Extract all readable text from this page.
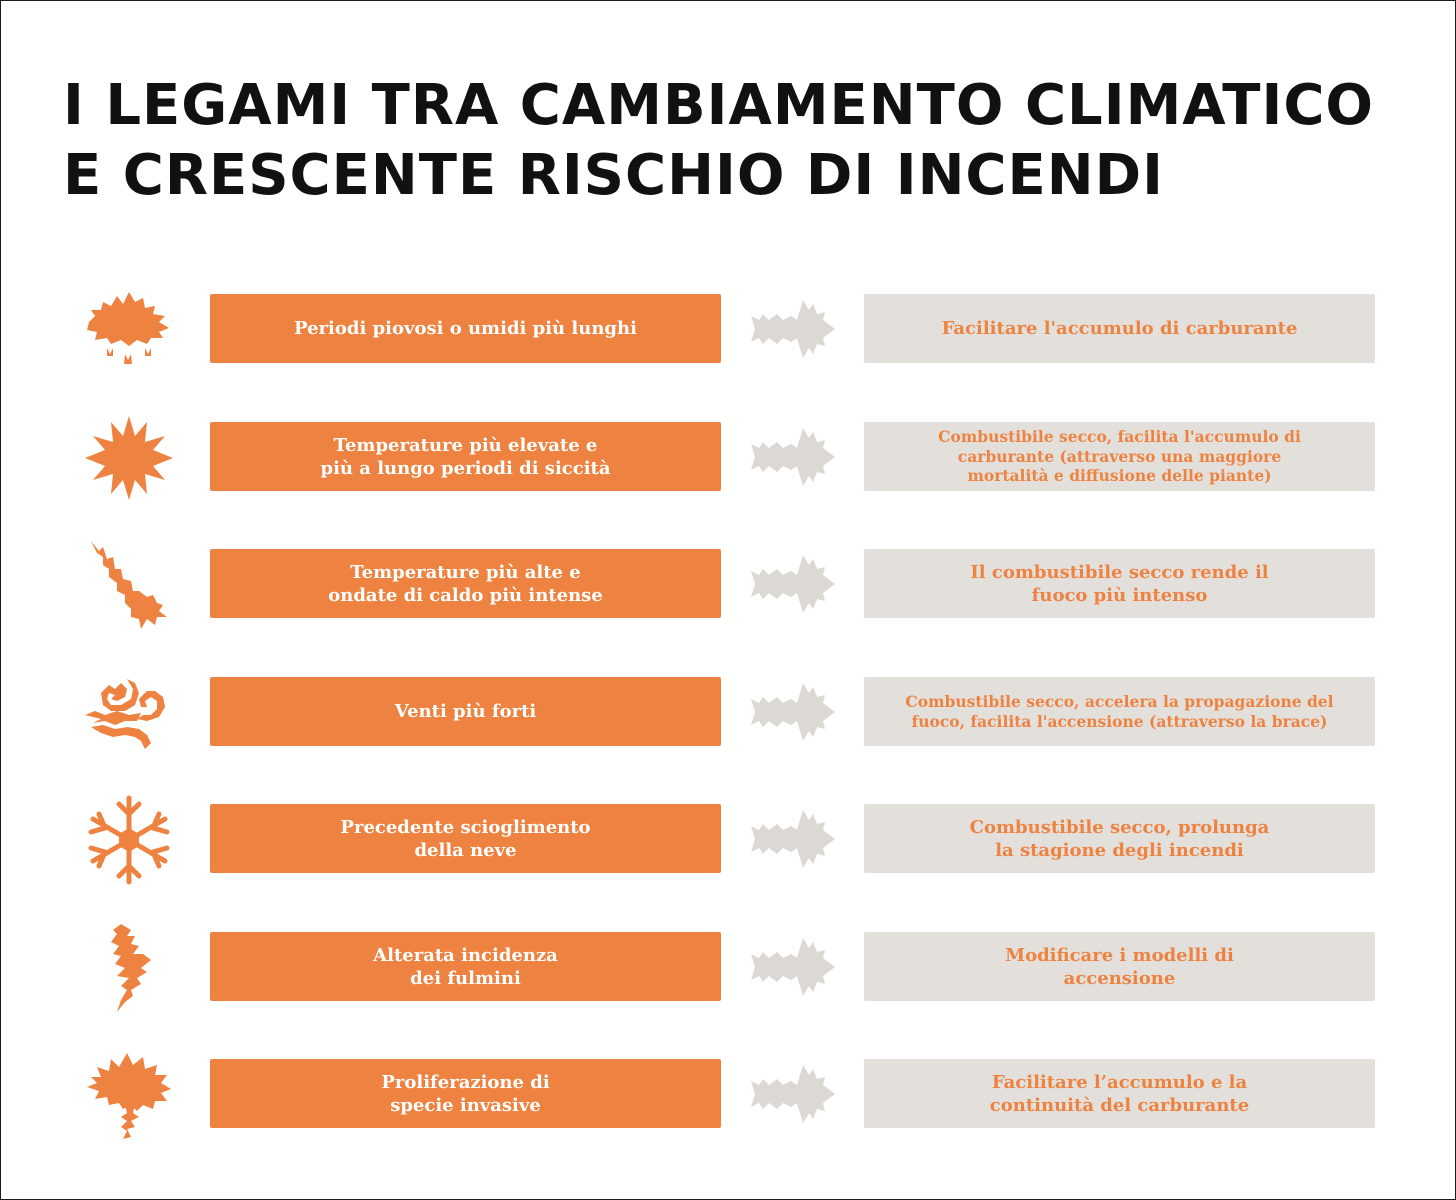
I LEGAMI TRA CAMBIAMENTO CLIMATICO
E CRESCENTE RISCHIO DI INCENDI
Periodi piovosi o umidi più lunghi	Facilitare l'accumulo di carburante
Temperature più elevate e
più a lungo periodi di siccità
Combustibile secco, facilita l'accumulo di
carburante (attraverso una maggiore
mortalità e diffusione delle piante)
Temperature più alte e
ondate di caldo più intense
Il combustibile secco rende il
fuoco più intenso
Venti più forti	Combustibile secco, accelera la propagazione del
fuoco, facilita l'accensione (attraverso la brace)
Precedente scioglimento
della neve
Combustibile secco, prolunga
la stagione degli incendi
Alterata incidenza
dei fulmini
Modificare i modelli di
accensione
Proliferazione di
specie invasive
Facilitare l’accumulo e la
continuità del carburante
